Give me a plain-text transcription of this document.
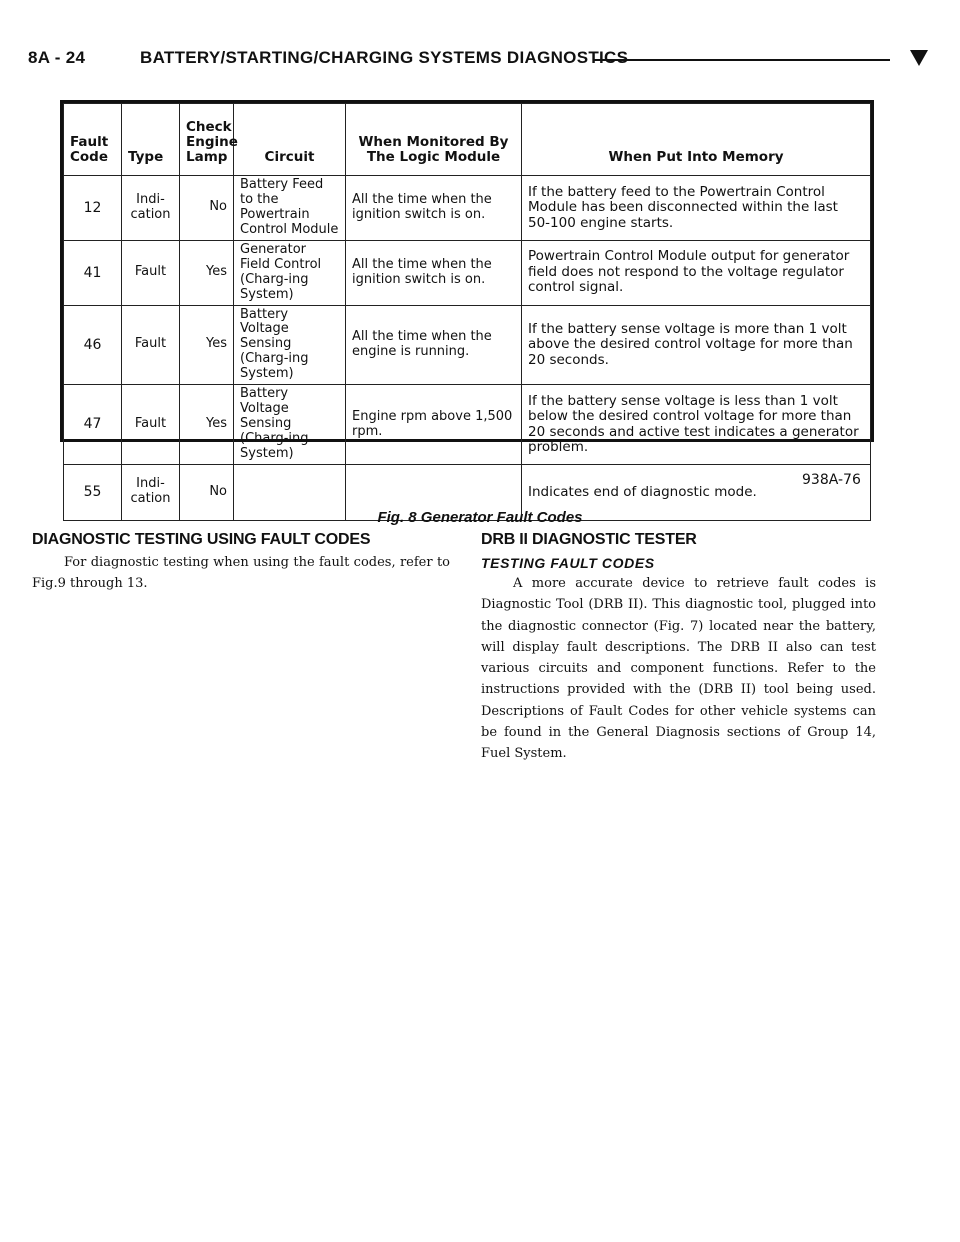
8A - 24	BATTERY/STARTING/CHARGING SYSTEMS DIAGNOSTICS
Fault Code	Type	Check Engine Lamp	Circuit	When Monitored By The Logic Module	When Put Into Memory
12	Indi-cation	No	Battery Feed to the Powertrain Control Module	All the time when the ignition switch is on.	If the battery feed to the Powertrain Control Module has been disconnected within the last 50-100 engine starts.
41	Fault	Yes	Generator Field Control (Charg-ing System)	All the time when the ignition switch is on.	Powertrain Control Module output for generator field does not respond to the voltage regulator control signal.
46	Fault	Yes	Battery Voltage Sensing (Charg-ing System)	All the time when the engine is running.	If the battery sense voltage is more than 1 volt above the desired control voltage for more than 20 seconds.
47	Fault	Yes	Battery Voltage Sensing (Charg-ing System)	Engine rpm above 1,500 rpm.	If the battery sense voltage is less than 1 volt below the desired control voltage for more than 20 seconds and active test indicates a generator problem.
55	Indi-cation	No			Indicates end of diagnostic mode.
938A-76
Fig. 8 Generator Fault Codes
DIAGNOSTIC TESTING USING FAULT CODES

For diagnostic testing when using the fault codes, refer to Fig.9 through 13.

DRB II DIAGNOSTIC TESTER
TESTING FAULT CODES

A more accurate device to retrieve fault codes is Diagnostic Tool (DRB II). This diagnostic tool, plugged into the diagnostic connector (Fig. 7) located near the battery, will display fault descriptions. The DRB II also can test various circuits and component functions. Refer to the instructions provided with the (DRB II) tool being used. Descriptions of Fault Codes for other vehicle systems can be found in the General Diagnosis sections of Group 14, Fuel System.
